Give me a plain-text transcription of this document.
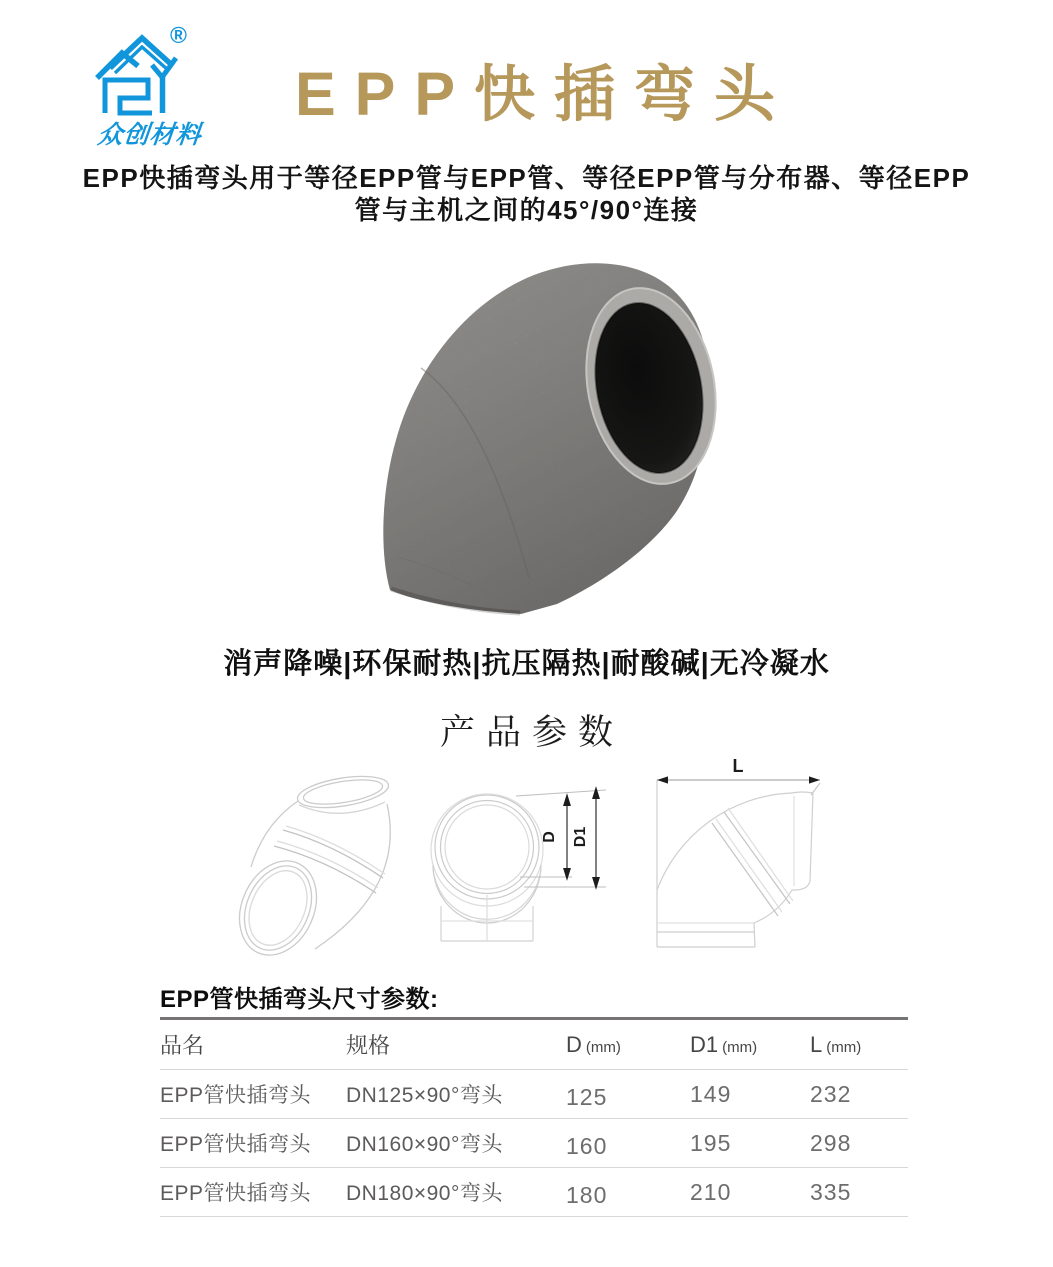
®
众创材料
EPP快插弯头
EPP快插弯头用于等径EPP管与EPP管、等径EPP管与分布器、等径EPP
管与主机之间的45°/90°连接
消声降噪|环保耐热|抗压隔热|耐酸碱|无冷凝水
产品参数
D D1
L
EPP管快插弯头尺寸参数:
品名	规格	D (mm)	D1 (mm)	L (mm)
EPP管快插弯头	DN125×90°弯头	125	149	232
EPP管快插弯头	DN160×90°弯头	160	195	298
EPP管快插弯头	DN180×90°弯头	180	210	335
